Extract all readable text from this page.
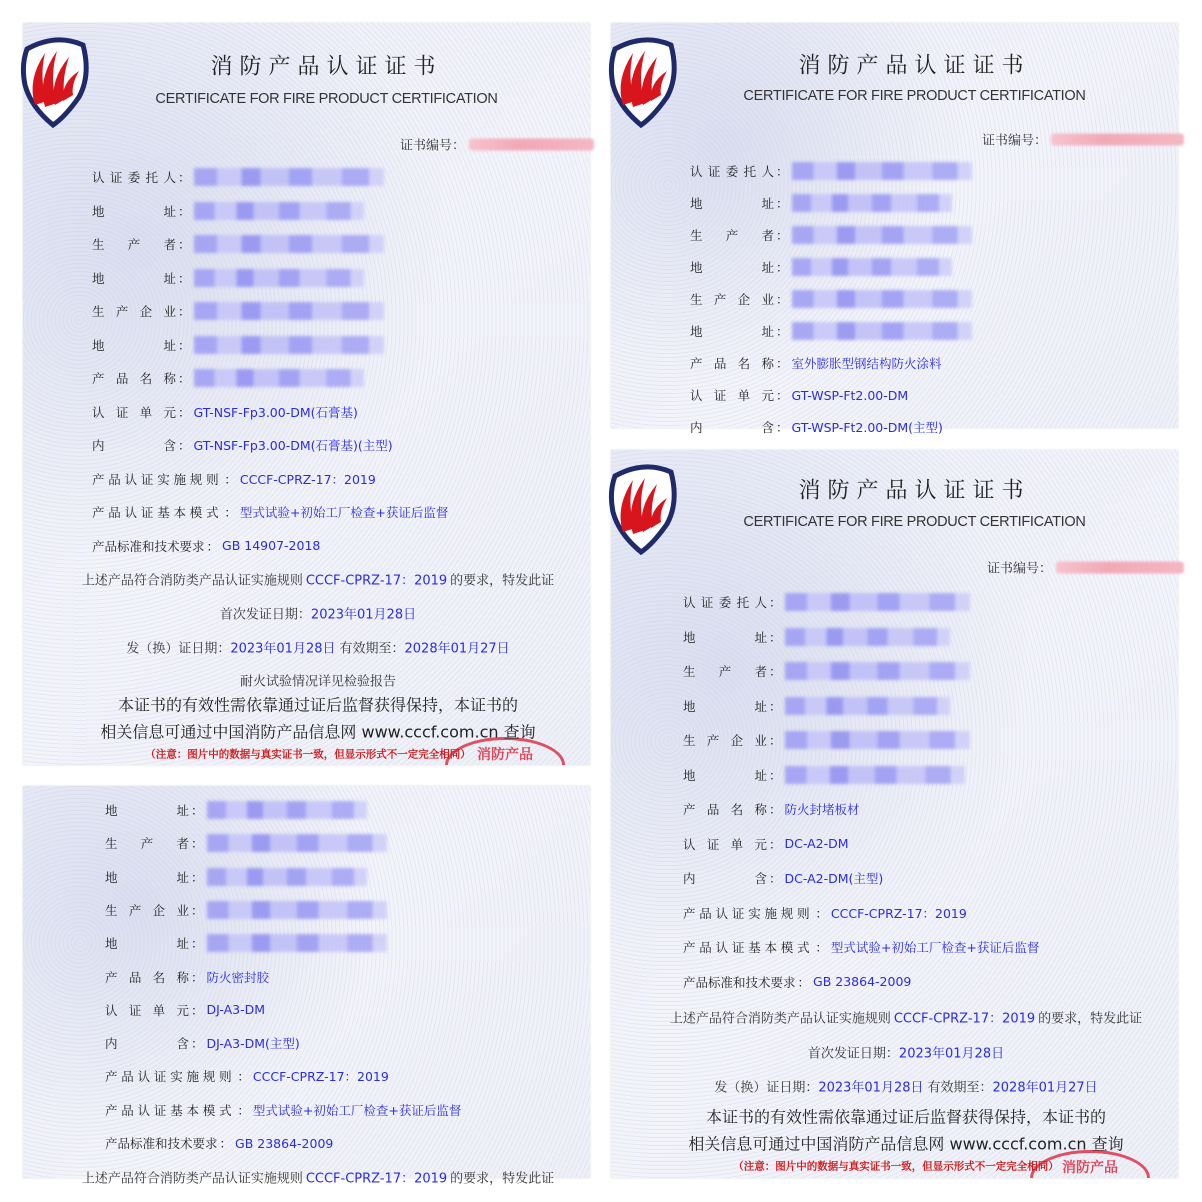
消防产品认证证书
CERTIFICATE FOR FIRE PRODUCT CERTIFICATION
证书编号：
认证委托人 ：
地址 ：
生产者 ：
地址 ：
生产企业 ：
地址 ：
产品名称 ：
认证单元 ： GT-NSF-Fp3.00-DM(石膏基)
内含 ： GT-NSF-Fp3.00-DM(石膏基)(主型)
产品认证实施规则 ： CCCF-CPRZ-17：2019
产品认证基本模式 ： 型式试验+初始工厂检查+获证后监督
产品标准和技术要求 ： GB 14907-2018
上述产品符合消防类产品认证实施规则 CCCF-CPRZ-17：2019 的要求，特发此证
首次发证日期：2023年01月28日
发（换）证日期：2023年01月28日 有效期至：2028年01月27日
耐火试验情况详见检验报告
消防产品
本证书的有效性需依靠通过证后监督获得保持，本证书的
相关信息可通过中国消防产品信息网 www.cccf.com.cn 查询
（注意：图片中的数据与真实证书一致，但显示形式不一定完全相同）
消防产品认证证书
CERTIFICATE FOR FIRE PRODUCT CERTIFICATION
证书编号：
认证委托人 ：
地址 ：
生产者 ：
地址 ：
生产企业 ：
地址 ：
产品名称 ： 室外膨胀型钢结构防火涂料
认证单元 ： GT-WSP-Ft2.00-DM
内含 ： GT-WSP-Ft2.00-DM(主型)
地址 ：
生产者 ：
地址 ：
生产企业 ：
地址 ：
产品名称 ： 防火密封胶
认证单元 ： DJ-A3-DM
内含 ： DJ-A3-DM(主型)
产品认证实施规则 ： CCCF-CPRZ-17：2019
产品认证基本模式 ： 型式试验+初始工厂检查+获证后监督
产品标准和技术要求 ： GB 23864-2009
上述产品符合消防类产品认证实施规则 CCCF-CPRZ-17：2019 的要求，特发此证
消防产品认证证书
CERTIFICATE FOR FIRE PRODUCT CERTIFICATION
证书编号：
认证委托人 ：
地址 ：
生产者 ：
地址 ：
生产企业 ：
地址 ：
产品名称 ： 防火封堵板材
认证单元 ： DC-A2-DM
内含 ： DC-A2-DM(主型)
产品认证实施规则 ： CCCF-CPRZ-17：2019
产品认证基本模式 ： 型式试验+初始工厂检查+获证后监督
产品标准和技术要求 ： GB 23864-2009
上述产品符合消防类产品认证实施规则 CCCF-CPRZ-17：2019 的要求，特发此证
首次发证日期：2023年01月28日
发（换）证日期：2023年01月28日 有效期至：2028年01月27日
消防产品
本证书的有效性需依靠通过证后监督获得保持，本证书的
相关信息可通过中国消防产品信息网 www.cccf.com.cn 查询
（注意：图片中的数据与真实证书一致，但显示形式不一定完全相同）
